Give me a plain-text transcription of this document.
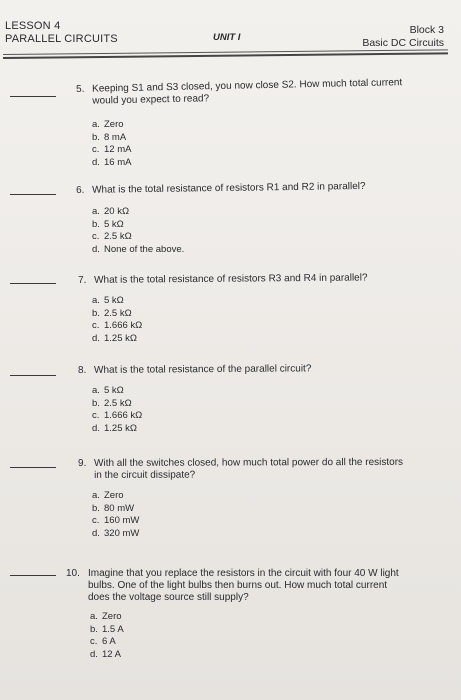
LESSON 4
PARALLEL CIRCUITS	UNIT I
Block 3
Basic DC Circuits
5. Keeping S1 and S3 closed, you now close S2. How much total current
would you expect to read?
a. Zero
b. 8 mA
c. 12 mA
d. 16 mA
6. What is the total resistance of resistors R1 and R2 in parallel?
a. 20 kΩ
b. 5 kΩ
c. 2.5 kΩ
d. None of the above.
7. What is the total resistance of resistors R3 and R4 in parallel?
a. 5 kΩ
b. 2.5 kΩ
c. 1.666 kΩ
d. 1.25 kΩ
8. What is the total resistance of the parallel circuit?
a. 5 kΩ
b. 2.5 kΩ
c. 1.666 kΩ
d. 1.25 kΩ
9. With all the switches closed, how much total power do all the resistors
in the circuit dissipate?
a. Zero
b. 80 mW
c. 160 mW
d. 320 mW
10. Imagine that you replace the resistors in the circuit with four 40 W light
bulbs. One of the light bulbs then burns out. How much total current
does the voltage source still supply?
a. Zero
b. 1.5 A
c. 6 A
d. 12 A
